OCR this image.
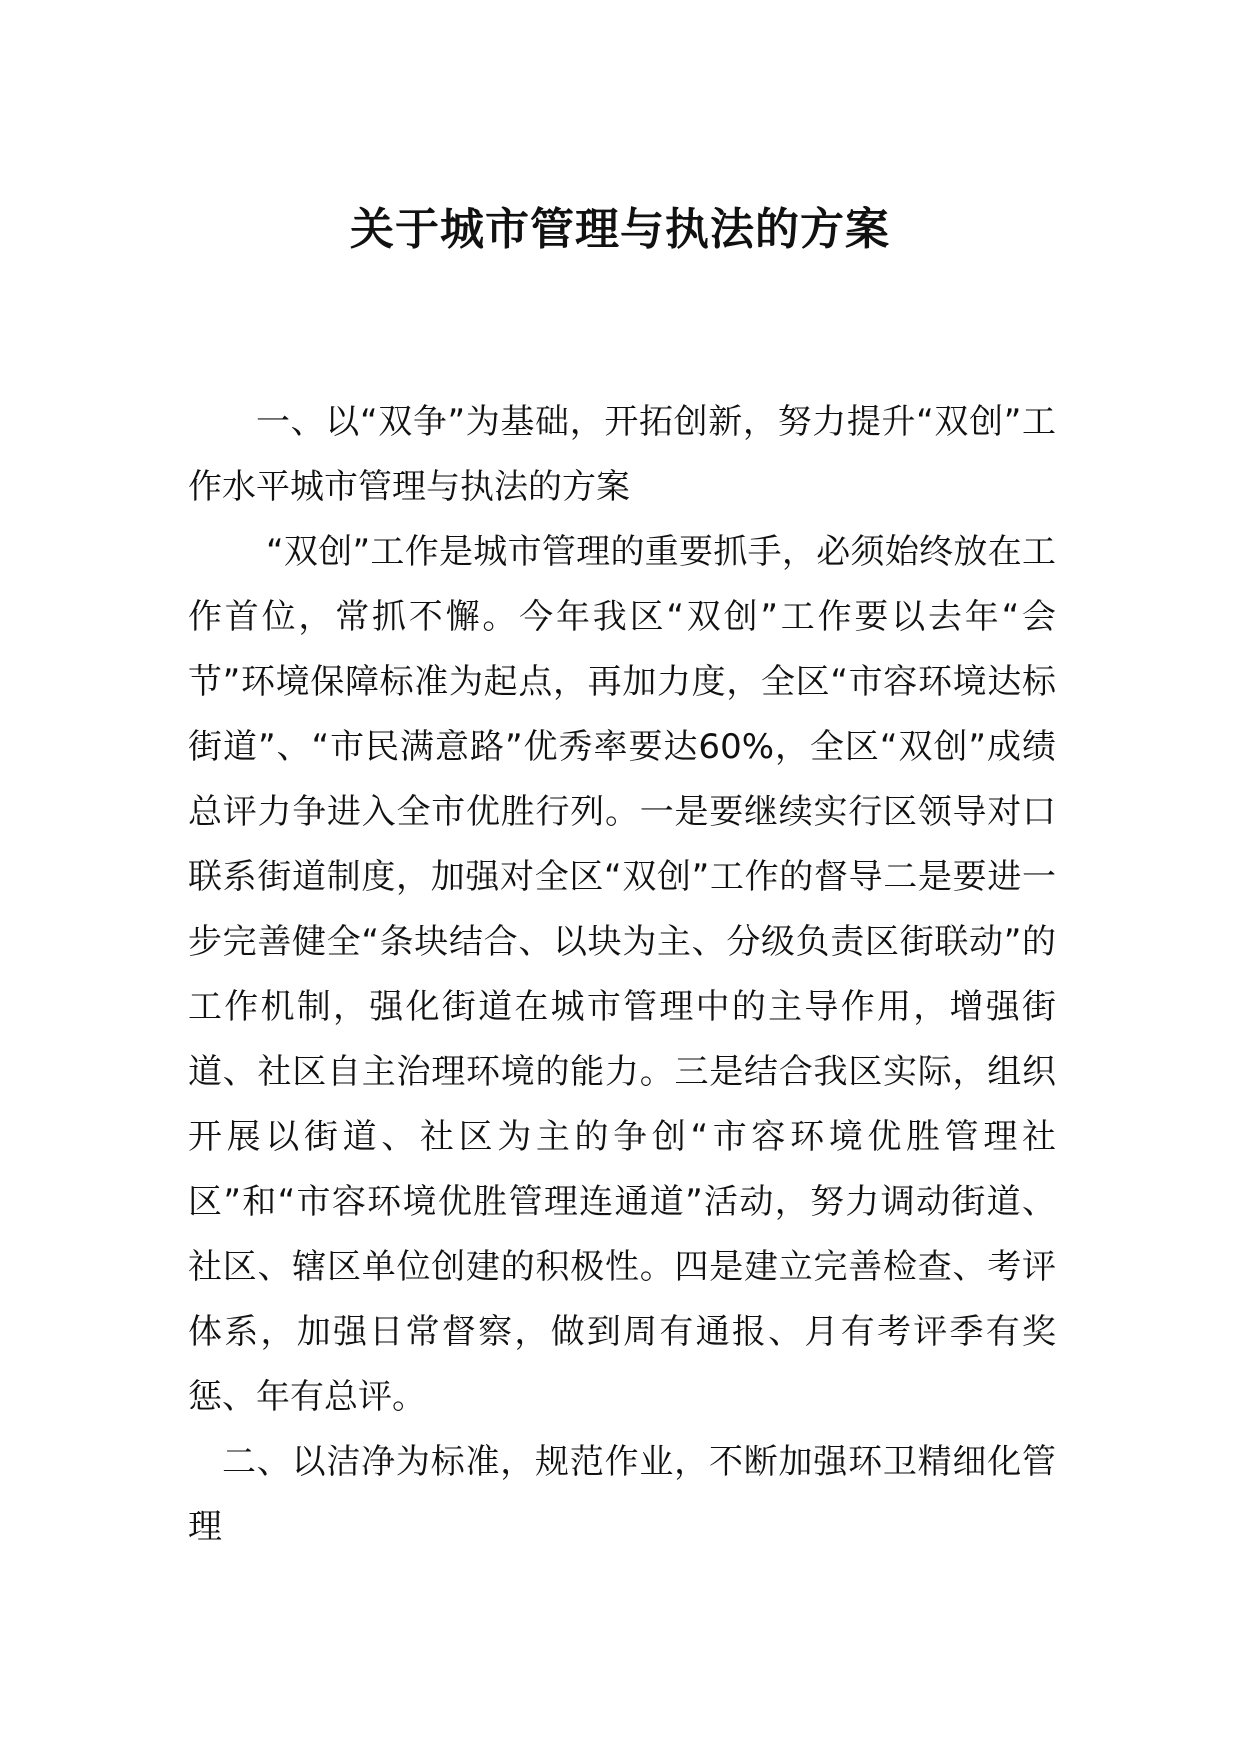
关于城市管理与执法的方案

一、以“双争”为基础，开拓创新，努力提升“双创”工作水平城市管理与执法的方案

“双创”工作是城市管理的重要抓手，必须始终放在工作首位，常抓不懈。今年我区“双创”工作要以去年“会节”环境保障标准为起点，再加力度，全区“市容环境达标街道”、“市民满意路”优秀率要达60%，全区“双创”成绩总评力争进入全市优胜行列。一是要继续实行区领导对口联系街道制度，加强对全区“双创”工作的督导二是要进一步完善健全“条块结合、以块为主、分级负责区街联动”的工作机制，强化街道在城市管理中的主导作用，增强街道、社区自主治理环境的能力。三是结合我区实际，组织开展以街道、社区为主的争创“市容环境优胜管理社区”和“市容环境优胜管理连通道”活动，努力调动街道、社区、辖区单位创建的积极性。四是建立完善检查、考评体系，加强日常督察，做到周有通报、月有考评季有奖惩、年有总评。

二、以洁净为标准，规范作业，不断加强环卫精细化管理
